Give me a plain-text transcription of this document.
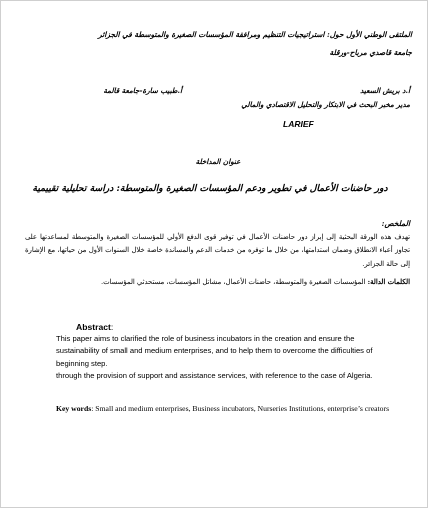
الملتقى الوطني الأول حول: استراتيجيات التنظيم ومرافقة المؤسسات الصغيرة والمتوسطة في الجزائر
جامعة قاصدي مرباح-ورقلة
أ.د بريش السعيد
أ.طبيب سارة-جامعة قالمة
مدير مخبر البحث في الابتكار والتحليل الاقتصادي والمالي
LARIEF
عنوان المداخلة
دور حاضنات الأعمال في تطوير ودعم المؤسسات الصغيرة والمتوسطة: دراسة تحليلية تقييمية
الملخص:
تهدف هذه الورقة البحثية إلى إبراز دور حاضنات الأعمال في توفير قوى الدفع الأولي للمؤسسات الصغيرة والمتوسطة لمساعدتها على تجاوز أعباء الانطلاق وضمان استدامتها، من خلال ما توفره من خدمات الدعم والمساندة خاصة خلال السنوات الأول من حياتها، مع الإشارة إلى حالة الجزائر.
الكلمات الدالة: المؤسسات الصغيرة والمتوسطة، حاضنات الأعمال، مشاتل المؤسسات، مستحدثي المؤسسات.
Abstract:

This paper aims to clarified the role of business incubators in the creation and ensure the sustainability of small and medium enterprises, and to help them to overcome the difficulties of beginning step.

through the provision of support and assistance services, with reference to the case of Algeria.

Key words: Small and medium enterprises, Business incubators, Nurseries Institutions, enterprise’s creators
